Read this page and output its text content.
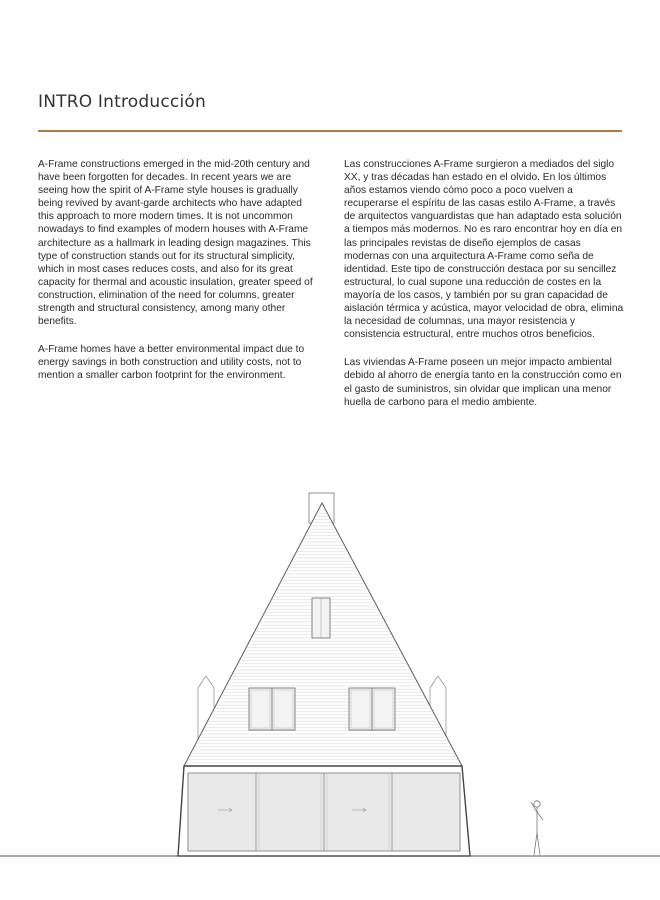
INTRO Introducción

A-Frame constructions emerged in the mid-20th century and have been forgotten for decades. In recent years we are seeing how the spirit of A-Frame style houses is gradually being revived by avant-garde architects who have adapted this approach to more modern times. It is not uncommon nowadays to find examples of modern houses with A-Frame architecture as a hallmark in leading design magazines. This type of construction stands out for its structural simplicity, which in most cases reduces costs, and also for its great capacity for thermal and acoustic insulation, greater speed of construction, elimination of the need for columns, greater strength and structural consistency, among many other benefits.

A-Frame homes have a better environmental impact due to energy savings in both construction and utility costs, not to mention a smaller carbon footprint for the environment.

Las construcciones A-Frame surgieron a mediados del siglo XX, y tras décadas han estado en el olvido. En los últimos años estamos viendo cómo poco a poco vuelven a recuperarse el espíritu de las casas estilo A-Frame, a través de arquitectos vanguardistas que han adaptado esta solución a tiempos más modernos. No es raro encontrar hoy en día en las principales revistas de diseño ejemplos de casas modernas con una arquitectura A-Frame como seña de identidad. Este tipo de construcción destaca por su sencillez estructural, lo cual supone una reducción de costes en la mayoría de los casos, y también por su gran capacidad de aislación térmica y acústica, mayor velocidad de obra, elimina la necesidad de columnas, una mayor resistencia y consistencia estructural, entre muchos otros beneficios.

Las viviendas A-Frame poseen un mejor impacto ambiental debido al ahorro de energía tanto en la construcción como en el gasto de suministros, sin olvidar que implican una menor huella de carbono para el medio ambiente.
